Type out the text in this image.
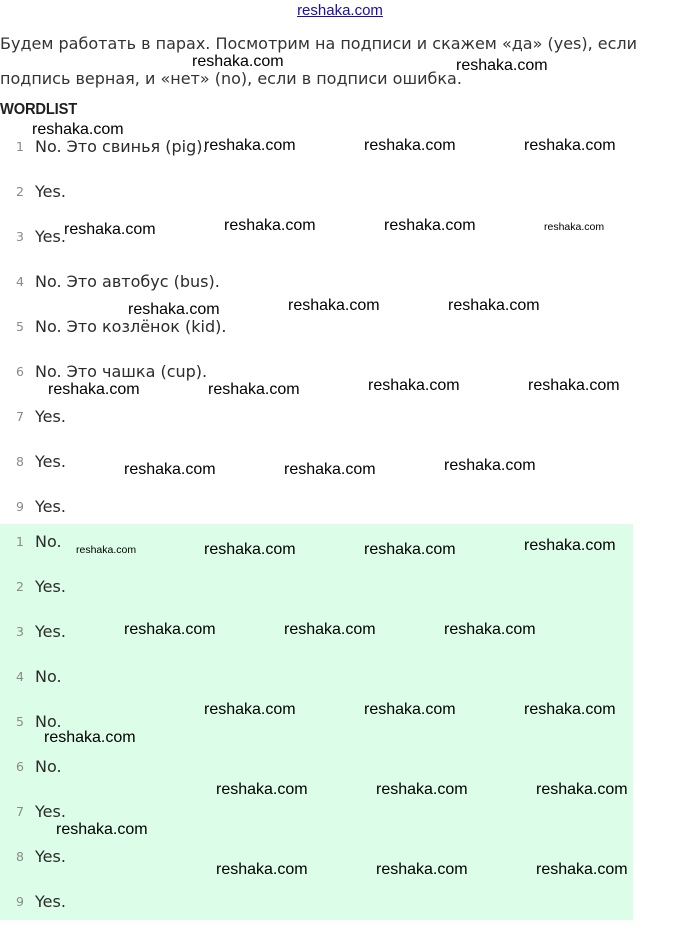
reshaka.com

Будем работать в парах. Посмотрим на подписи и скажем «да» (yes), если подпись верная, и «нет» (no), если в подписи ошибка.

WORDLIST
1 No. Это свинья (pig).
2 Yes.
3 Yes.
4 No. Это автобус (bus).
5 No. Это козлёнок (kid).
6 No. Это чашка (cup).
7 Yes.
8 Yes.
9 Yes.
1 No.
2 Yes.
3 Yes.
4 No.
5 No.
6 No.
7 Yes.
8 Yes.
9 Yes.
reshaka.com	reshaka.com
reshaka.com
reshaka.com	reshaka.com	reshaka.com
reshaka.com	reshaka.com	reshaka.com
reshaka.com
reshaka.com	reshaka.com
reshaka.com
reshaka.com	reshaka.com
reshaka.com	reshaka.com
reshaka.com
reshaka.com	reshaka.com
reshaka.com
reshaka.com	reshaka.com	reshaka.com
reshaka.com	reshaka.com	reshaka.com
reshaka.com	reshaka.com	reshaka.com
reshaka.com
reshaka.com	reshaka.com	reshaka.com
reshaka.com
reshaka.com	reshaka.com	reshaka.com
